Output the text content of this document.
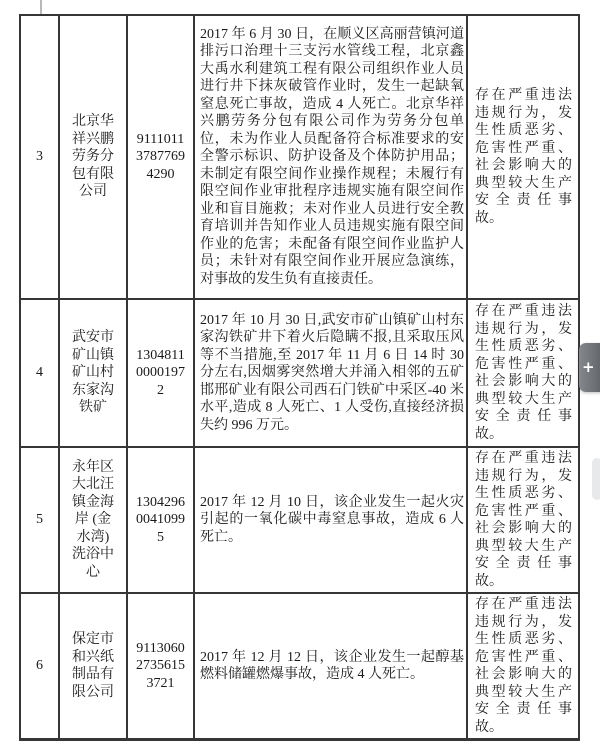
3	北京华祥兴鹏劳务分包有限公司	911101137877694290	2017 年 6 月 30 日，在顺义区高丽营镇河道排污口治理十三支污水管线工程，北京鑫大禹水利建筑工程有限公司组织作业人员进行井下抹灰破管作业时，发生一起缺氧窒息死亡事故，造成 4 人死亡。北京华祥兴鹏劳务分包有限公司作为劳务分包单位，未为作业人员配备符合标准要求的安全警示标识、防护设备及个体防护用品；未制定有限空间作业操作规程；未履行有限空间作业审批程序违规实施有限空间作业和盲目施救；未对作业人员进行安全教育培训并告知作业人员违规实施有限空间作业的危害；未配备有限空间作业监护人员；未针对有限空间作业开展应急演练，对事故的发生负有直接责任。	存在严重违法违规行为，发生性质恶劣、危害性严重、社会影响大的典型较大生产安全责任事故。
4	武安市矿山镇矿山村东家沟铁矿	130481100001972	2017 年 10 月 30 日,武安市矿山镇矿山村东家沟铁矿井下着火后隐瞒不报,且采取压风等不当措施,至 2017 年 11 月 6 日 14 时 30 分左右,因烟雾突然增大并涌入相邻的五矿邯邢矿业有限公司西石门铁矿中采区-40 米水平,造成 8 人死亡、1 人受伤,直接经济损失约 996 万元。	存在严重违法违规行为，发生性质恶劣、危害性严重、社会影响大的典型较大生产安全责任事故。
5	永年区大北汪镇金海岸 (金水湾) 洗浴中心	130429600410995	2017 年 12 月 10 日，该企业发生一起火灾引起的一氧化碳中毒窒息事故，造成 6 人死亡。	存在严重违法违规行为，发生性质恶劣、危害性严重、社会影响大的典型较大生产安全责任事故。
6	保定市和兴纸制品有限公司	911306027356153721	2017 年 12 月 12 日，该企业发生一起醇基燃料储罐燃爆事故，造成 4 人死亡。	存在严重违法违规行为，发生性质恶劣、危害性严重、社会影响大的典型较大生产安全责任事故。
+
